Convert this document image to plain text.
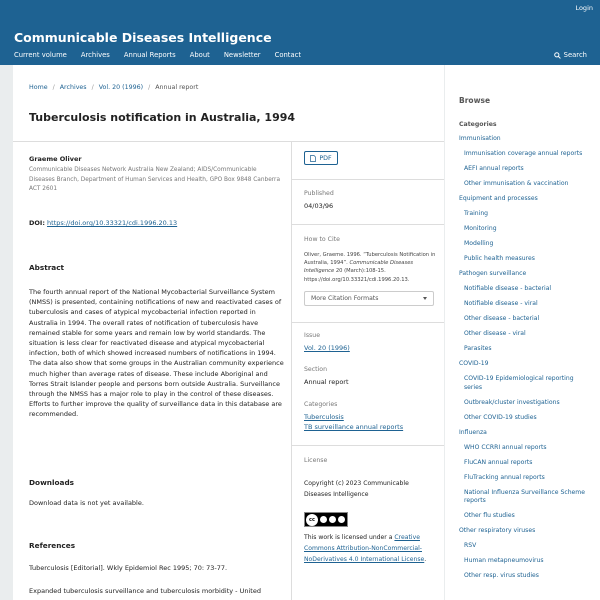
Login
Communicable Diseases Intelligence
Current volume Archives Annual Reports About Newsletter Contact	Search
Home / Archives / Vol. 20 (1996) / Annual report
Tuberculosis notification in Australia, 1994
Graeme Oliver
Communicable Diseases Network Australia New Zealand; AIDS/Communicable Diseases Branch, Department of Human Services and Health, GPO Box 9848 Canberra ACT 2601
DOI: https://doi.org/10.33321/cdi.1996.20.13
Abstract

The fourth annual report of the National Mycobacterial Surveillance System (NMSS) is presented, containing notifications of new and reactivated cases of tuberculosis and cases of atypical mycobacterial infection reported in Australia in 1994. The overall rates of notification of tuberculosis have remained stable for some years and remain low by world standards. The situation is less clear for reactivated disease and atypical mycobacterial infection, both of which showed increased numbers of notifications in 1994. The data also show that some groups in the Australian community experience much higher than average rates of disease. These include Aboriginal and Torres Strait Islander people and persons born outside Australia. Surveillance through the NMSS has a major role to play in the control of these diseases. Efforts to further improve the quality of surveillance data in this database are recommended.

Downloads
Download data is not yet available.
References
Tuberculosis [Editorial]. Wkly Epidemiol Rec 1995; 70: 73-77.
Expanded tuberculosis surveillance and tuberculosis morbidity - United
PDF
Published
04/03/96
How to Cite
Oliver, Graeme. 1996. “Tuberculosis Notification in Australia, 1994”. Communicable Diseases Intelligence 20 (March):108-15. https://doi.org/10.33321/cdi.1996.20.13.
More Citation Formats
Issue
Vol. 20 (1996)
Section
Annual report
Categories
Tuberculosis
TB surveillance annual reports
License
Copyright (c) 2023 Communicable Diseases Intelligence
cc
This work is licensed under a Creative Commons Attribution-NonCommercial-NoDerivatives 4.0 International License.
Browse
Categories
Immunisation
Immunisation coverage annual reports
AEFI annual reports
Other immunisation & vaccination
Equipment and processes
Training
Monitoring
Modelling
Public health measures
Pathogen surveillance
Notifiable disease - bacterial
Notifiable disease - viral
Other disease - bacterial
Other disease - viral
Parasites
COVID-19
COVID-19 Epidemiological reporting series
Outbreak/cluster investigations
Other COVID-19 studies
Influenza
WHO CCRRI annual reports
FluCAN annual reports
FluTracking annual reports
National Influenza Surveillance Scheme reports
Other flu studies
Other respiratory viruses
RSV
Human metapneumovirus
Other resp. virus studies
